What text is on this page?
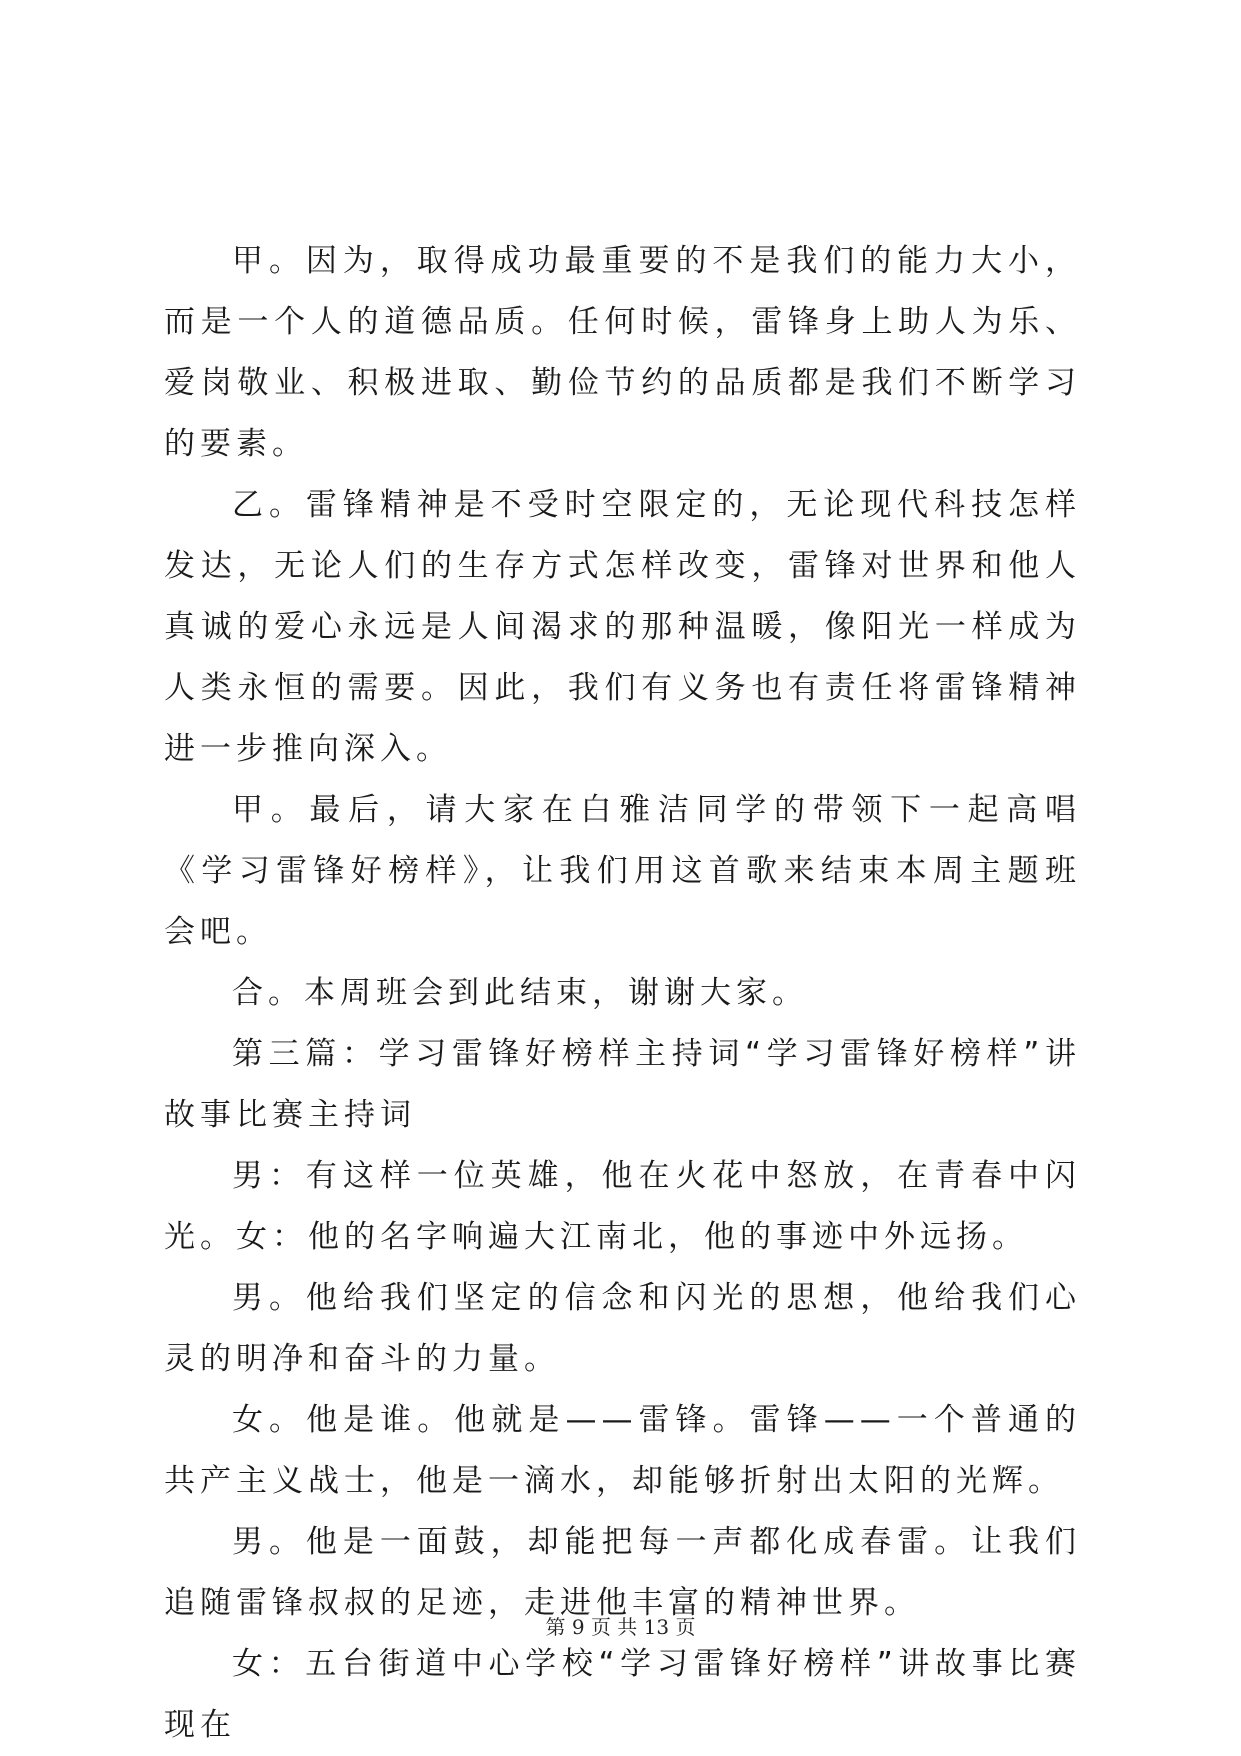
甲。因为，取得成功最重要的不是我们的能力大小，而是一个人的道德品质。任何时候，雷锋身上助人为乐、爱岗敬业、积极进取、勤俭节约的品质都是我们不断学习的要素。

乙。雷锋精神是不受时空限定的，无论现代科技怎样发达，无论人们的生存方式怎样改变，雷锋对世界和他人真诚的爱心永远是人间渴求的那种温暖，像阳光一样成为人类永恒的需要。因此，我们有义务也有责任将雷锋精神进一步推向深入。

甲。最后，请大家在白雅洁同学的带领下一起高唱《学习雷锋好榜样》，让我们用这首歌来结束本周主题班会吧。

合。本周班会到此结束，谢谢大家。

第三篇：学习雷锋好榜样主持词“学习雷锋好榜样”讲故事比赛主持词

男：有这样一位英雄，他在火花中怒放，在青春中闪光。女：他的名字响遍大江南北，他的事迹中外远扬。

男。他给我们坚定的信念和闪光的思想，他给我们心灵的明净和奋斗的力量。

女。他是谁。他就是——雷锋。雷锋——一个普通的共产主义战士，他是一滴水，却能够折射出太阳的光辉。

男。他是一面鼓，却能把每一声都化成春雷。让我们追随雷锋叔叔的足迹，走进他丰富的精神世界。

女：五台街道中心学校“学习雷锋好榜样”讲故事比赛现在

第 9 页 共 13 页
